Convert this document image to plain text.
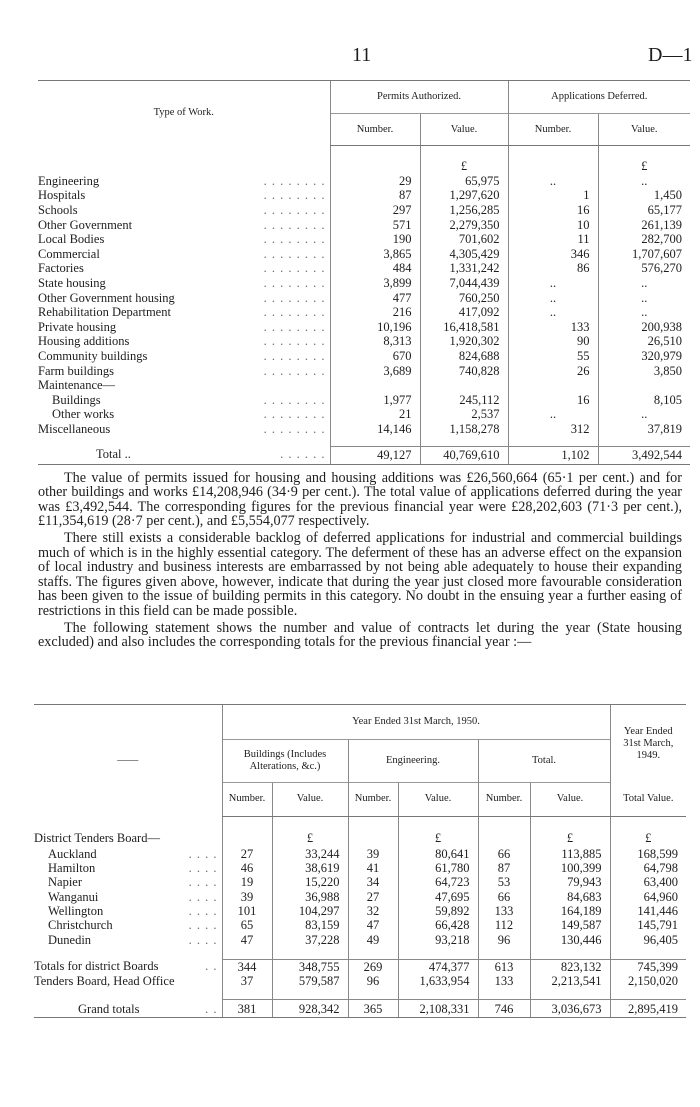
11	D—1
Type of Work.	Permits Authorized.		Applications Deferred.	
	Number.	Value.	Number.	Value.
		£		£

Engineering . . . . . . . .	29	65,975	..	..

Hospitals . . . . . . . .	87	1,297,620	1	1,450

Schools . . . . . . . .	297	1,256,285	16	65,177

Other Government . . . . . . . .	571	2,279,350	10	261,139

Local Bodies . . . . . . . .	190	701,602	11	282,700

Commercial . . . . . . . .	3,865	4,305,429	346	1,707,607

Factories . . . . . . . .	484	1,331,242	86	576,270

State housing . . . . . . . .	3,899	7,044,439	..	..

Other Government housing . . . . . . . .	477	760,250	..	..

Rehabilitation Department . . . . . . . .	216	417,092	..	..

Private housing . . . . . . . .	10,196	16,418,581	133	200,938

Housing additions . . . . . . . .	8,313	1,920,302	90	26,510

Community buildings . . . . . . . .	670	824,688	55	320,979

Farm buildings . . . . . . . .	3,689	740,828	26	3,850

Maintenance—				

Buildings . . . . . . . .	1,977	245,112	16	8,105

Other works . . . . . . . .	21	2,537	..	..

Miscellaneous . . . . . . . .	14,146	1,158,278	312	37,819

Total .. . . . . . .	49,127	40,769,610	1,102	3,492,544

The value of permits issued for housing and housing additions was £26,560,664 (65·1 per cent.) and for other buildings and works £14,208,946 (34·9 per cent.). The total value of applications deferred during the year was £3,492,544. The corresponding figures for the previous financial year were £28,202,603 (71·3 per cent.), £11,354,619 (28·7 per cent.), and £5,554,077 respectively.

There still exists a considerable backlog of deferred applications for industrial and commercial buildings much of which is in the highly essential category. The deferment of these has an adverse effect on the expansion of local industry and business interests are embarrassed by not being able adequately to house their expanding staffs. The figures given above, however, indicate that during the year just closed more favourable consideration has been given to the issue of building permits in this category. No doubt in the ensuing year a further easing of restrictions in this field can be made possible.

The following statement shows the number and value of contracts let during the year (State housing excluded) and also includes the corresponding totals for the previous financial year :—

——	Year Ended 31st March, 1950.						Year Ended 31st March, 1949.
	Buildings (Includes Alterations, &c.)		Engineering.		Total.		
	Number.	Value.	Number.	Value.	Number.	Value.	Total Value.
District Tenders Board—		£		£		£	£

Auckland . . . .	27	33,244	39	80,641	66	113,885	168,599

Hamilton . . . .	46	38,619	41	61,780	87	100,399	64,798

Napier . . . .	19	15,220	34	64,723	53	79,943	63,400

Wanganui . . . .	39	36,988	27	47,695	66	84,683	64,960

Wellington . . . .	101	104,297	32	59,892	133	164,189	141,446

Christchurch . . . .	65	83,159	47	66,428	112	149,587	145,791

Dunedin . . . .	47	37,228	49	93,218	96	130,446	96,405

Totals for district Boards . .	344	348,755	269	474,377	613	823,132	745,399

Tenders Board, Head Office	37	579,587	96	1,633,954	133	2,213,541	2,150,020

Grand totals . .	381	928,342	365	2,108,331	746	3,036,673	2,895,419
